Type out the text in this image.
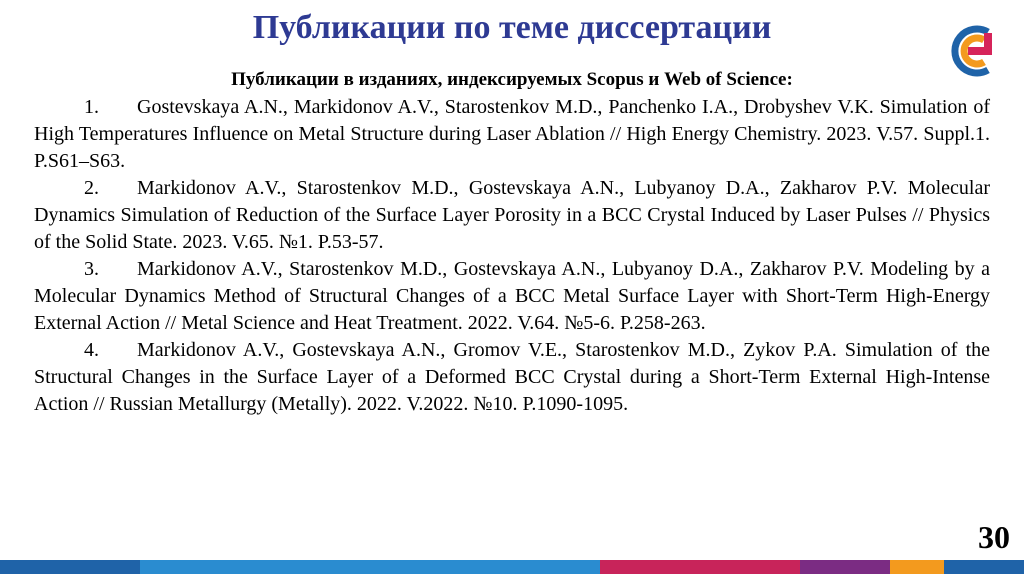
Публикации по теме диссертации

Публикации в изданиях, индексируемых Scopus и Web of Science:

1. Gostevskaya A.N., Markidonov A.V., Starostenkov M.D., Panchenko I.A., Drobyshev V.K. Simulation of High Temperatures Influence on Metal Structure during Laser Ablation // High Energy Chemistry. 2023. V.57. Suppl.1. P.S61–S63.
2. Markidonov A.V., Starostenkov M.D., Gostevskaya A.N., Lubyanoy D.A., Zakharov P.V. Molecular Dynamics Simulation of Reduction of the Surface Layer Porosity in a BCC Crystal Induced by Laser Pulses // Physics of the Solid State. 2023. V.65. №1. P.53-57.
3. Markidonov A.V., Starostenkov M.D., Gostevskaya A.N., Lubyanoy D.A., Zakharov P.V. Modeling by a Molecular Dynamics Method of Structural Changes of a BCC Metal Surface Layer with Short-Term High-Energy External Action // Metal Science and Heat Treatment. 2022. V.64. №5-6. P.258-263.
4. Markidonov A.V., Gostevskaya A.N., Gromov V.E., Starostenkov M.D., Zykov P.A. Simulation of the Structural Changes in the Surface Layer of a Deformed BCC Crystal during a Short-Term External High-Intense Action // Russian Metallurgy (Metally). 2022. V.2022. №10. P.1090-1095.
30
